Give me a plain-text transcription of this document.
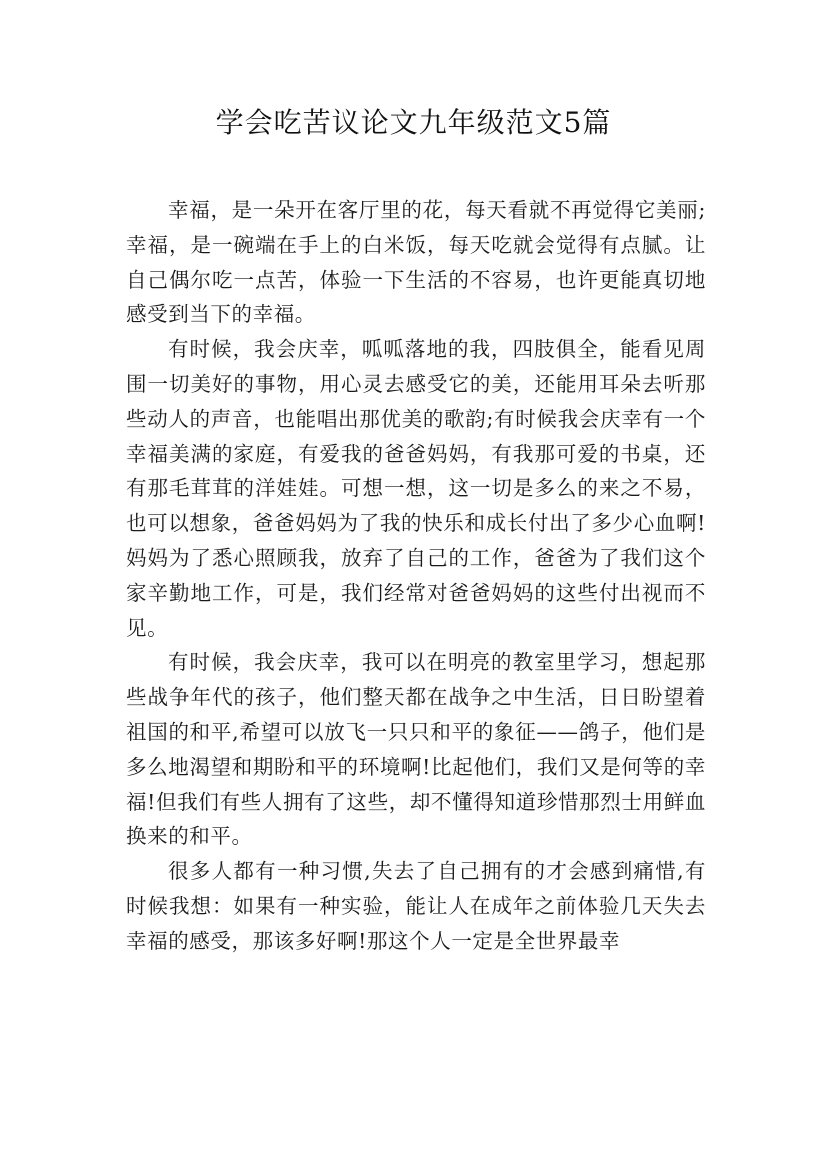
学会吃苦议论文九年级范文5篇

幸福，是一朵开在客厅里的花，每天看就不再觉得它美丽;幸福，是一碗端在手上的白米饭，每天吃就会觉得有点腻。让自己偶尔吃一点苦，体验一下生活的不容易，也许更能真切地感受到当下的幸福。

有时候，我会庆幸，呱呱落地的我，四肢俱全，能看见周围一切美好的事物，用心灵去感受它的美，还能用耳朵去听那些动人的声音，也能唱出那优美的歌韵;有时候我会庆幸有一个幸福美满的家庭，有爱我的爸爸妈妈，有我那可爱的书桌，还有那毛茸茸的洋娃娃。可想一想，这一切是多么的来之不易，也可以想象，爸爸妈妈为了我的快乐和成长付出了多少心血啊!妈妈为了悉心照顾我，放弃了自己的工作，爸爸为了我们这个家辛勤地工作，可是，我们经常对爸爸妈妈的这些付出视而不见。

有时候，我会庆幸，我可以在明亮的教室里学习，想起那些战争年代的孩子，他们整天都在战争之中生活，日日盼望着祖国的和平,希望可以放飞一只只和平的象征——鸽子，他们是多么地渴望和期盼和平的环境啊!比起他们，我们又是何等的幸福!但我们有些人拥有了这些，却不懂得知道珍惜那烈士用鲜血换来的和平。

很多人都有一种习惯,失去了自己拥有的才会感到痛惜,有时候我想：如果有一种实验，能让人在成年之前体验几天失去幸福的感受，那该多好啊!那这个人一定是全世界最幸
